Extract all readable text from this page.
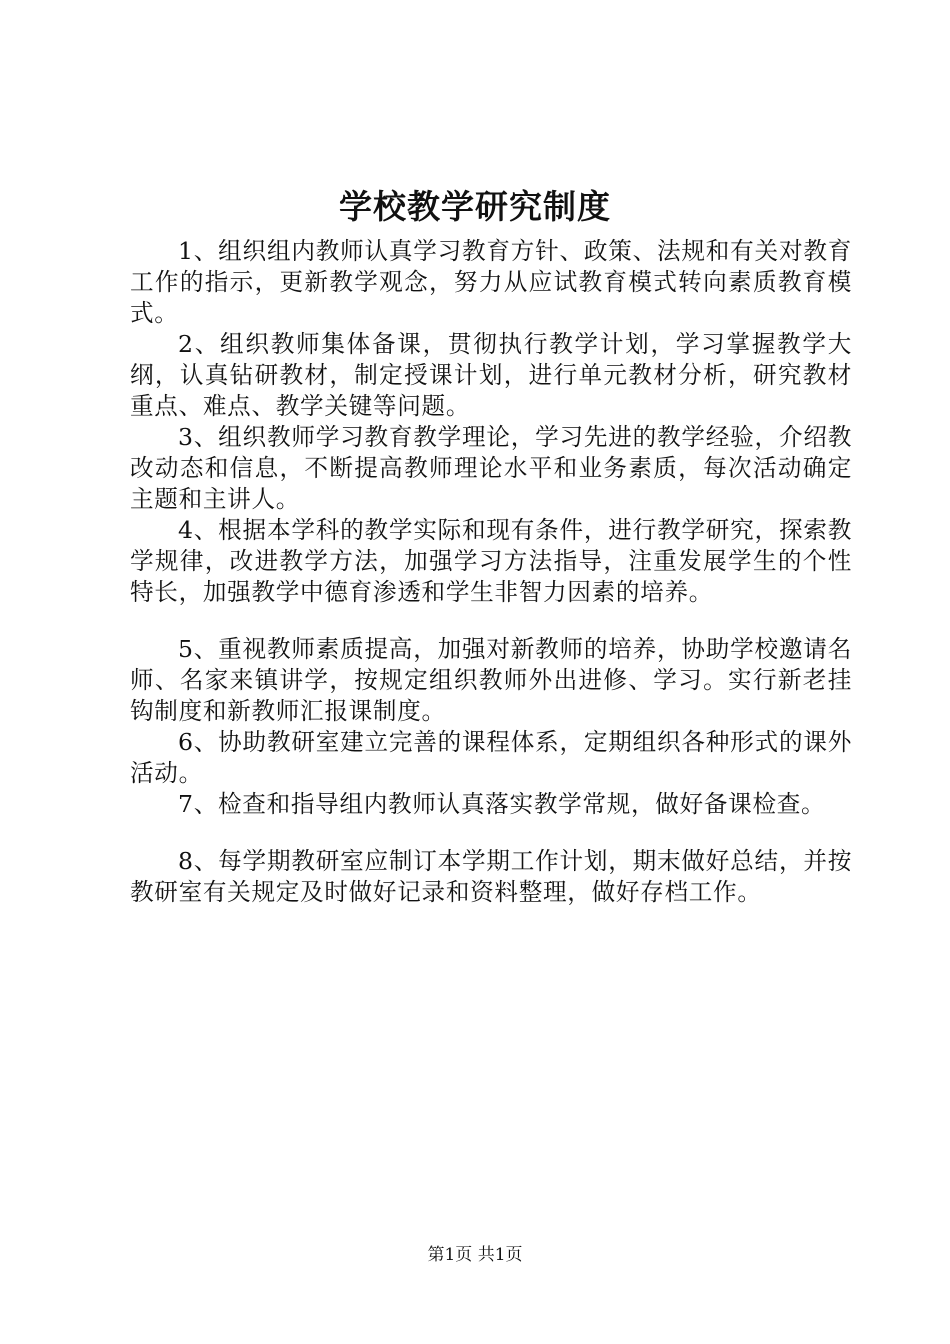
学校教学研究制度

1、组织组内教师认真学习教育方针、政策、法规和有关对教育工作的指示，更新教学观念，努力从应试教育模式转向素质教育模式。

2、组织教师集体备课，贯彻执行教学计划，学习掌握教学大纲，认真钻研教材，制定授课计划，进行单元教材分析，研究教材重点、难点、教学关键等问题。

3、组织教师学习教育教学理论，学习先进的教学经验，介绍教改动态和信息，不断提高教师理论水平和业务素质，每次活动确定主题和主讲人。

4、根据本学科的教学实际和现有条件，进行教学研究，探索教学规律，改进教学方法，加强学习方法指导，注重发展学生的个性特长，加强教学中德育渗透和学生非智力因素的培养。

5、重视教师素质提高，加强对新教师的培养，协助学校邀请名师、名家来镇讲学，按规定组织教师外出进修、学习。实行新老挂钩制度和新教师汇报课制度。

6、协助教研室建立完善的课程体系，定期组织各种形式的课外活动。

7、检查和指导组内教师认真落实教学常规，做好备课检查。

8、每学期教研室应制订本学期工作计划，期末做好总结，并按教研室有关规定及时做好记录和资料整理，做好存档工作。

第1页 共1页
